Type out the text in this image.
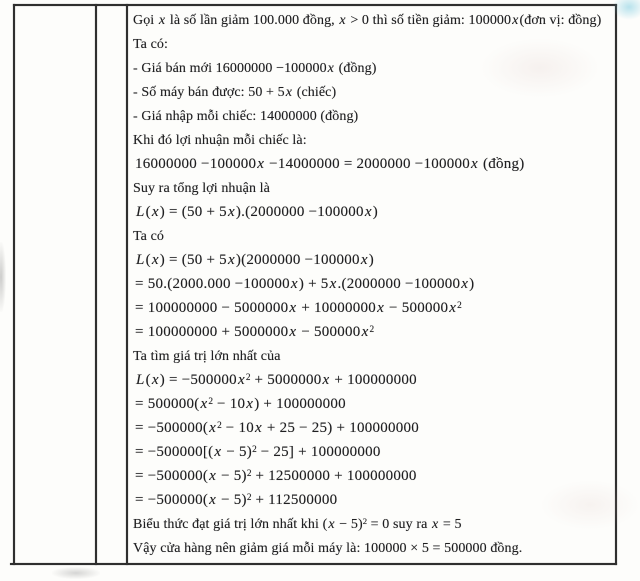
Gọi x là số lần giảm 100.000 đồng, x > 0 thì số tiền giảm: 100000x(đơn vị: đồng)
Ta có:
- Giá bán mới 16000000 −100000x (đồng)
- Số máy bán được: 50 + 5x (chiếc)
- Giá nhập mỗi chiếc: 14000000 (đồng)
Khi đó lợi nhuận mỗi chiếc là:
16000000 −100000x −14000000 = 2000000 −100000x (đồng)
Suy ra tổng lợi nhuận là
L(x) = (50 + 5x).(2000000 −100000x)
Ta có
L(x) = (50 + 5x)(2000000 −100000x)
= 50.(2000.000 −100000x) + 5x.(2000000 −100000x)
= $100000000 - 5000000x + 10000000x - 500000x^2$
= $100000000 + 5000000x - 500000x^2$
Ta tìm giá trị lớn nhất của
$L(x) = -500000x^2 + 5000000x + 100000000$
= $500000(x^2 - 10x) + 100000000$
= $-500000(x^2 - 10x + 25 - 25) + 100000000$
= $-500000[(x - 5)^2 - 25] + 100000000$
= $-500000(x - 5)^2 + 12500000 + 100000000$
= $-500000(x - 5)^2 + 112500000$
Biểu thức đạt giá trị lớn nhất khi $(x - 5)^2 = 0$ suy ra x = 5
Vậy cửa hàng nên giảm giá mỗi máy là: 100000 × 5 = 500000 đồng.
